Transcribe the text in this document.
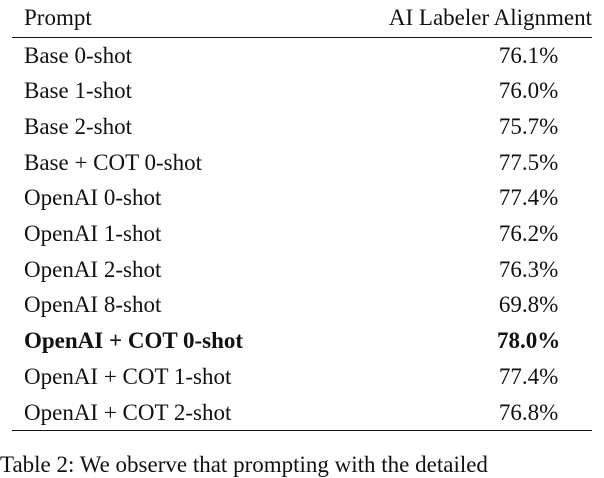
Prompt	AI Labeler Alignment
Base 0-shot	76.1%
Base 1-shot	76.0%
Base 2-shot	75.7%
Base + COT 0-shot	77.5%
OpenAI 0-shot	77.4%
OpenAI 1-shot	76.2%
OpenAI 2-shot	76.3%
OpenAI 8-shot	69.8%
OpenAI + COT 0-shot	78.0%
OpenAI + COT 1-shot	77.4%
OpenAI + COT 2-shot	76.8%
Table 2: We observe that prompting with the detailed
